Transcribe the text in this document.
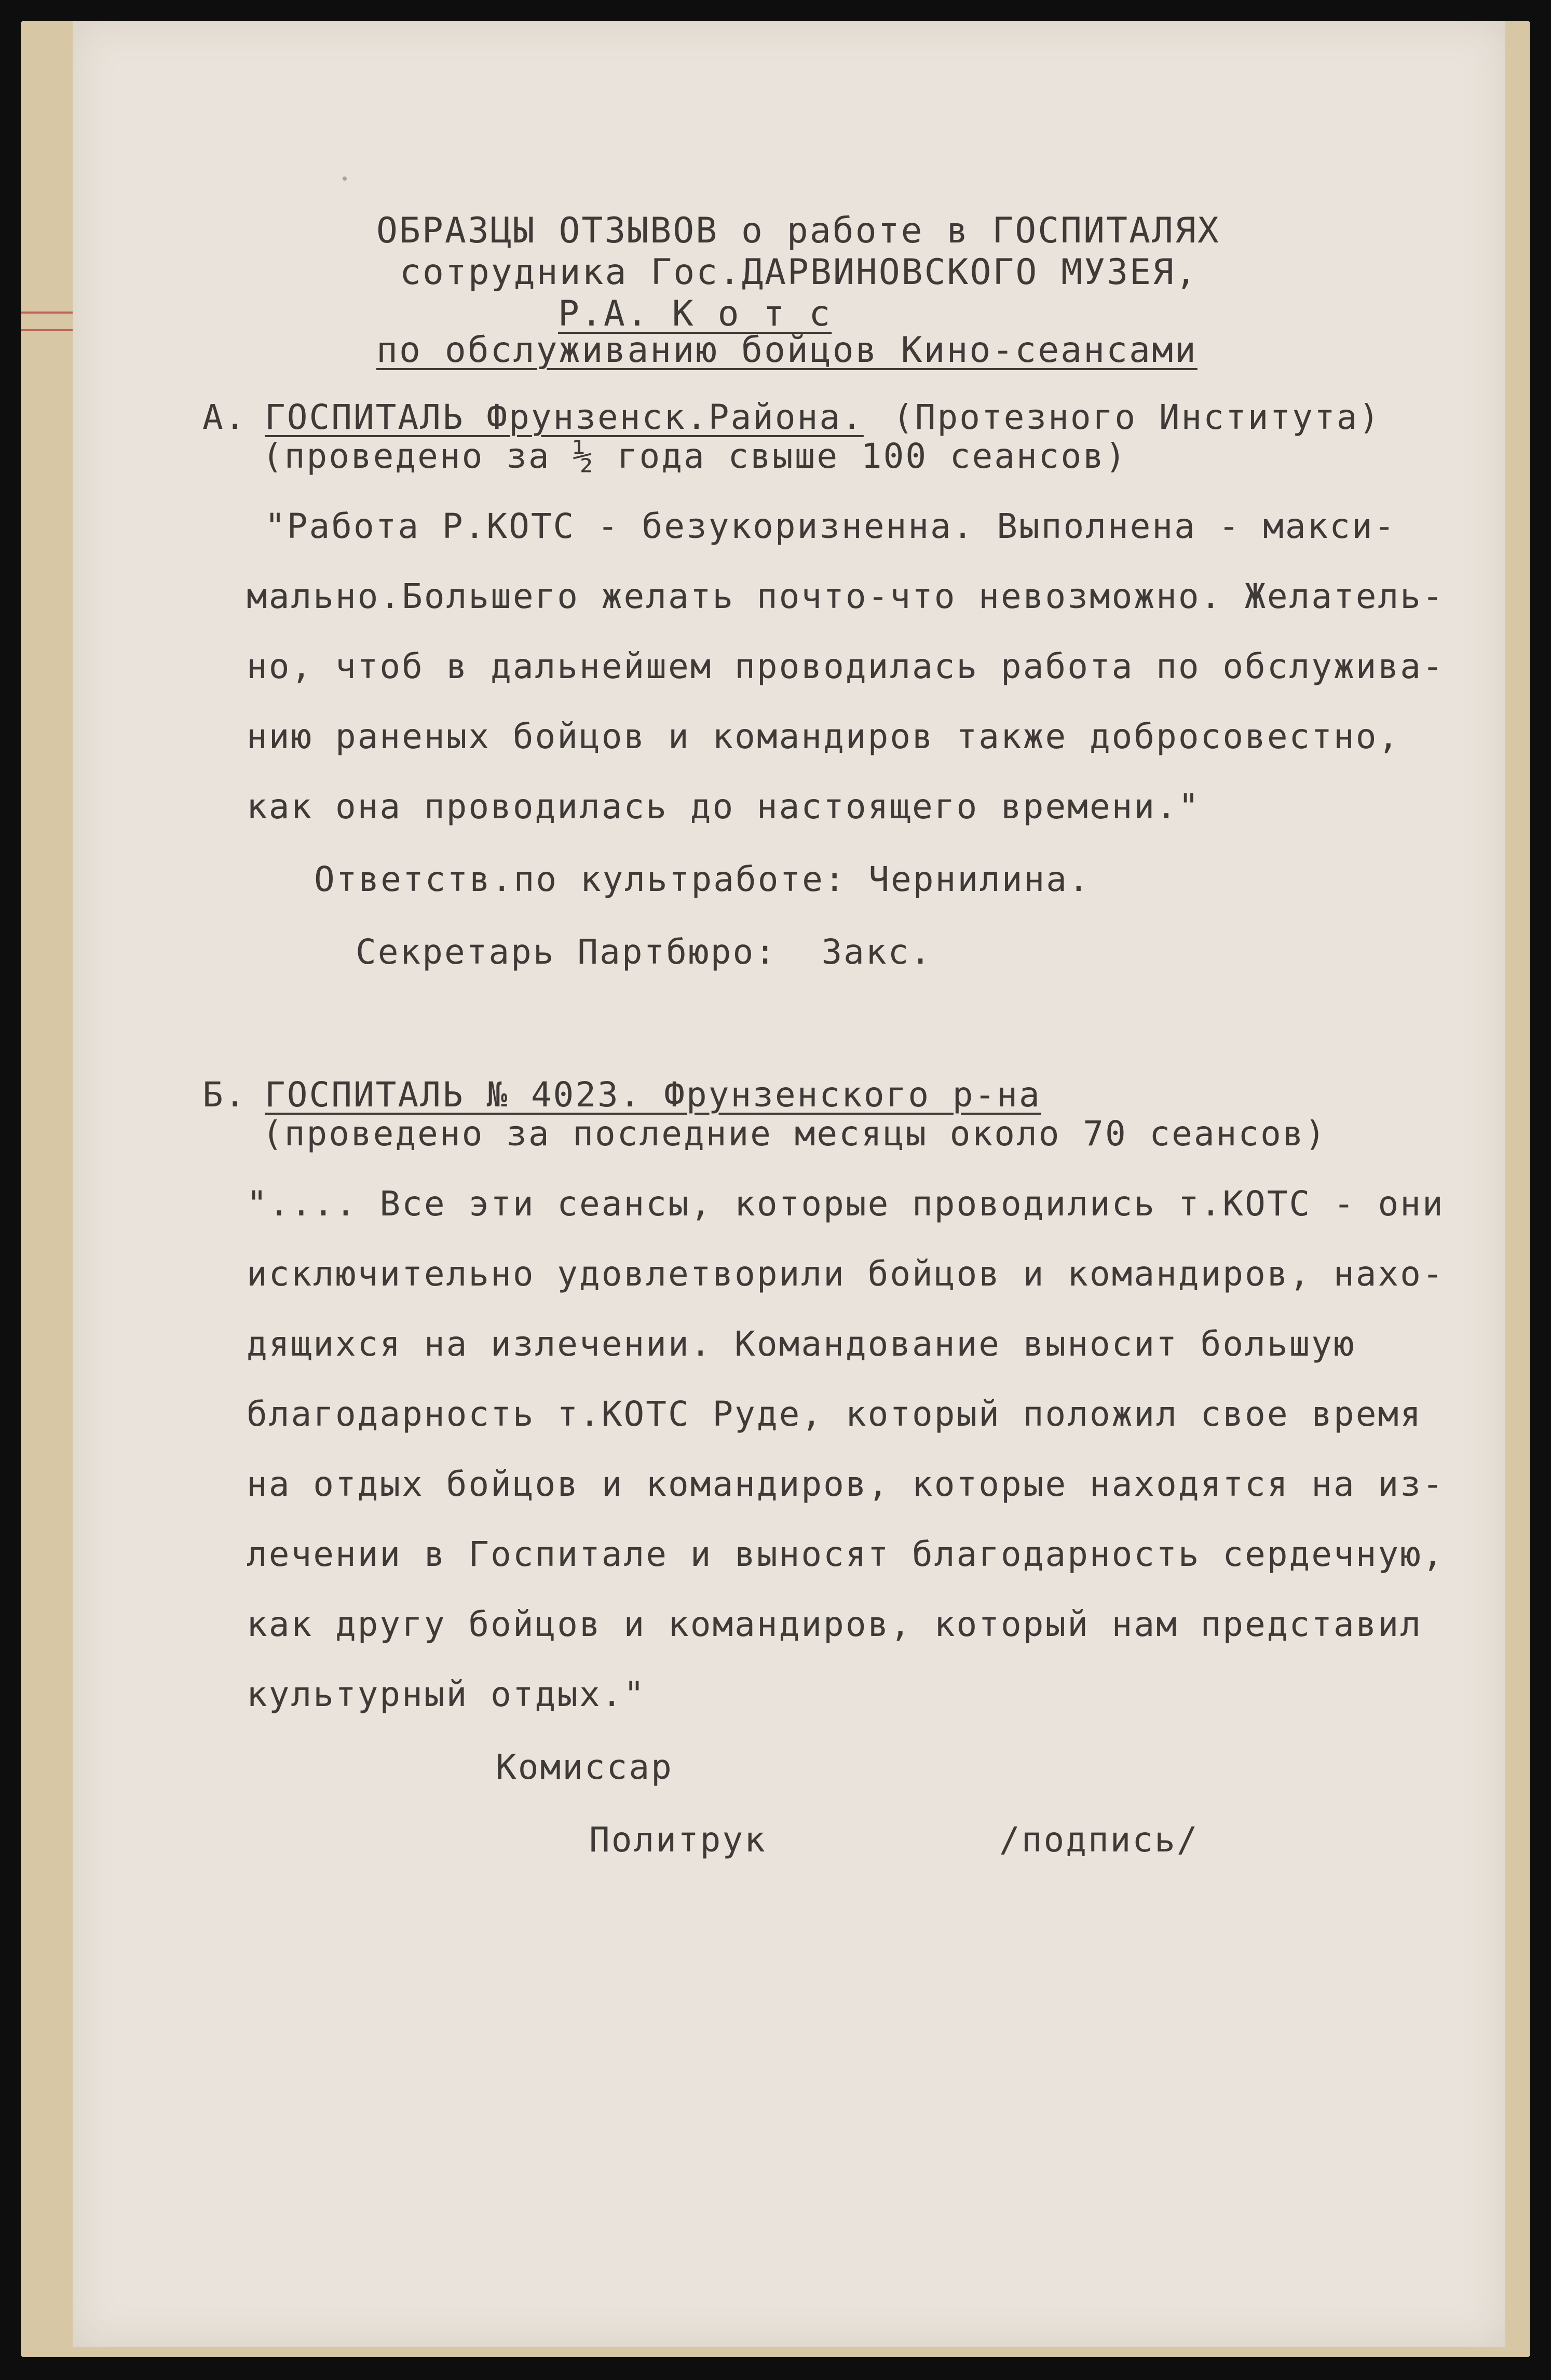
ОБРАЗЦЫ ОТЗЫВОВ о работе в ГОСПИТАЛЯХ
сотрудника Гос.ДАРВИНОВСКОГО МУЗЕЯ,
Р.А. К о т с
по обслуживанию бойцов Кино-сеансами
А. ГОСПИТАЛЬ Фрунзенск.Района. (Протезного Института)
(проведено за ½ года свыше 100 сеансов)
"Работа Р.КОТС - безукоризненна. Выполнена - макси-
мально.Большего желать почто-что невозможно. Желатель-
но, чтоб в дальнейшем проводилась работа по обслужива-
нию раненых бойцов и командиров также добросовестно,
как она проводилась до настоящего времени."
Ответств.по культработе: Чернилина.
Секретарь Партбюро:  Закс.
Б. ГОСПИТАЛЬ № 4023. Фрунзенского р-на
(проведено за последние месяцы около 70 сеансов)
".... Все эти сеансы, которые проводились т.КОТС - они
исключительно удовлетворили бойцов и командиров, нахо-
дящихся на излечении. Командование выносит большую
благодарность т.КОТС Руде, который положил свое время
на отдых бойцов и командиров, которые находятся на из-
лечении в Госпитале и выносят благодарность сердечную,
как другу бойцов и командиров, который нам представил
культурный отдых."
Комиссар
Политрук	/подпись/
